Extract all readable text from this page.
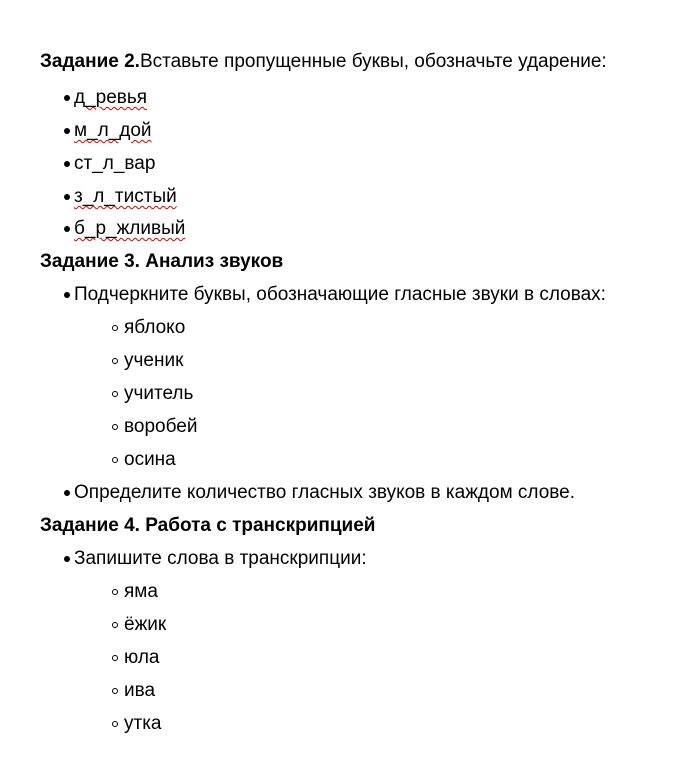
Задание 2.Вставьте пропущенные буквы, обозначьте ударение:
д_ревья
м_л_дой
ст_л_вар
з_л_тистый
б_р_жливый
Задание 3. Анализ звуков
Подчеркните буквы, обозначающие гласные звуки в словах:
яблоко
ученик
учитель
воробей
осина
Определите количество гласных звуков в каждом слове.
Задание 4. Работа с транскрипцией
Запишите слова в транскрипции:
яма
ёжик
юла
ива
утка
